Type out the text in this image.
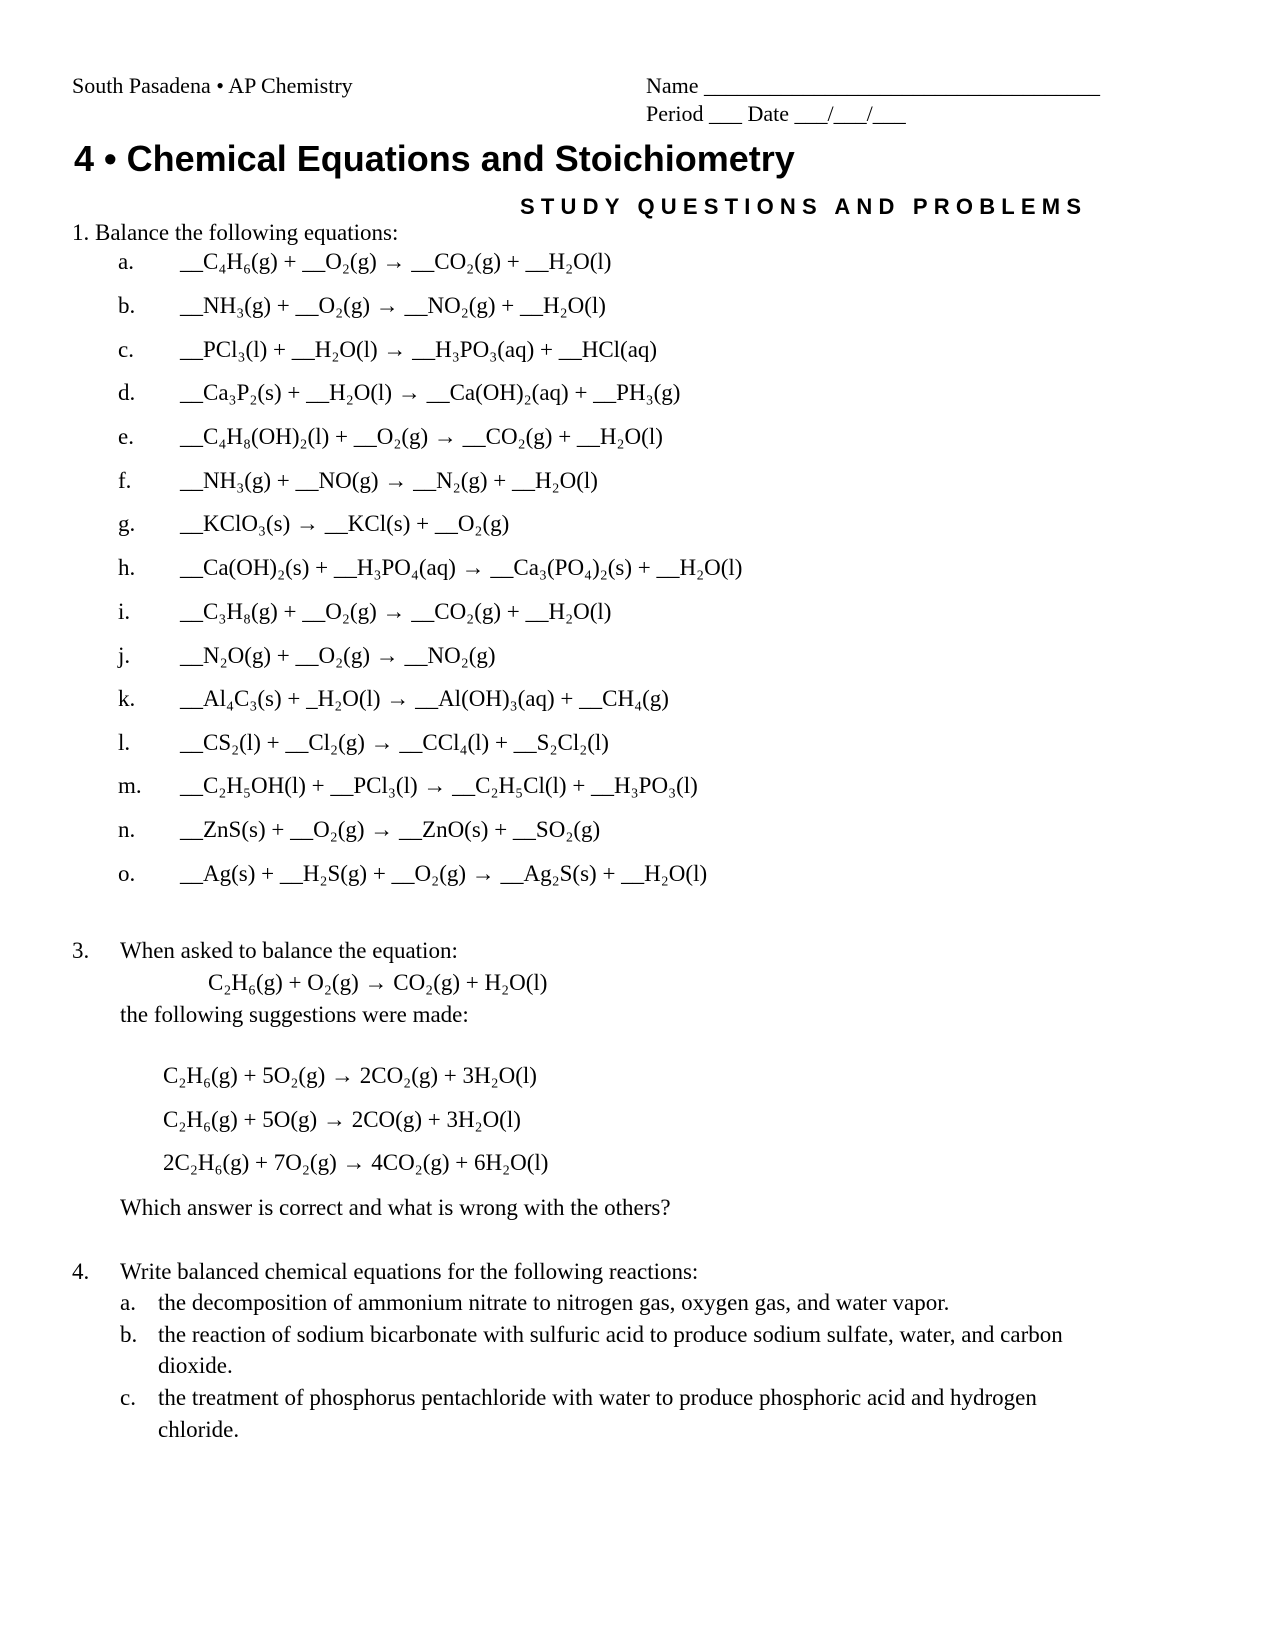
South Pasadena • AP Chemistry	Name ____________________________________
Period ___ Date ___/___/___
4 • Chemical Equations and Stoichiometry
STUDY QUESTIONS AND PROBLEMS
1. Balance the following equations:
a. __C₄H₆(g) + __O₂(g) → __CO₂(g) + __H₂O(l)
b. __NH₃(g) + __O₂(g) → __NO₂(g) + __H₂O(l)
c. __PCl₃(l) + __H₂O(l) → __H₃PO₃(aq) + __HCl(aq)
d. __Ca₃P₂(s) + __H₂O(l) → __Ca(OH)₂(aq) + __PH₃(g)
e. __C₄H₈(OH)₂(l) + __O₂(g) → __CO₂(g) + __H₂O(l)
f. __NH₃(g) + __NO(g) → __N₂(g) + __H₂O(l)
g. __KClO₃(s) → __KCl(s) + __O₂(g)
h. __Ca(OH)₂(s) + __H₃PO₄(aq) → __Ca₃(PO₄)₂(s) + __H₂O(l)
i. __C₃H₈(g) + __O₂(g) → __CO₂(g) + __H₂O(l)
j. __N₂O(g) + __O₂(g) → __NO₂(g)
k. __Al₄C₃(s) + _H₂O(l) → __Al(OH)₃(aq) + __CH₄(g)
l. __CS₂(l) + __Cl₂(g) → __CCl₄(l) + __S₂Cl₂(l)
m. __C₂H₅OH(l) + __PCl₃(l) → __C₂H₅Cl(l) + __H₃PO₃(l)
n. __ZnS(s) + __O₂(g) → __ZnO(s) + __SO₂(g)
o. __Ag(s) + __H₂S(g) + __O₂(g) → __Ag₂S(s) + __H₂O(l)
3. When asked to balance the equation:
C₂H₆(g) + O₂(g) → CO₂(g) + H₂O(l)
the following suggestions were made:
C₂H₆(g) + 5O₂(g) → 2CO₂(g) + 3H₂O(l)
C₂H₆(g) + 5O(g) → 2CO(g) + 3H₂O(l)
2C₂H₆(g) + 7O₂(g) → 4CO₂(g) + 6H₂O(l)
Which answer is correct and what is wrong with the others?
4. Write balanced chemical equations for the following reactions:
a. the decomposition of ammonium nitrate to nitrogen gas, oxygen gas, and water vapor.
b. the reaction of sodium bicarbonate with sulfuric acid to produce sodium sulfate, water, and carbon
dioxide.
c. the treatment of phosphorus pentachloride with water to produce phosphoric acid and hydrogen
chloride.
